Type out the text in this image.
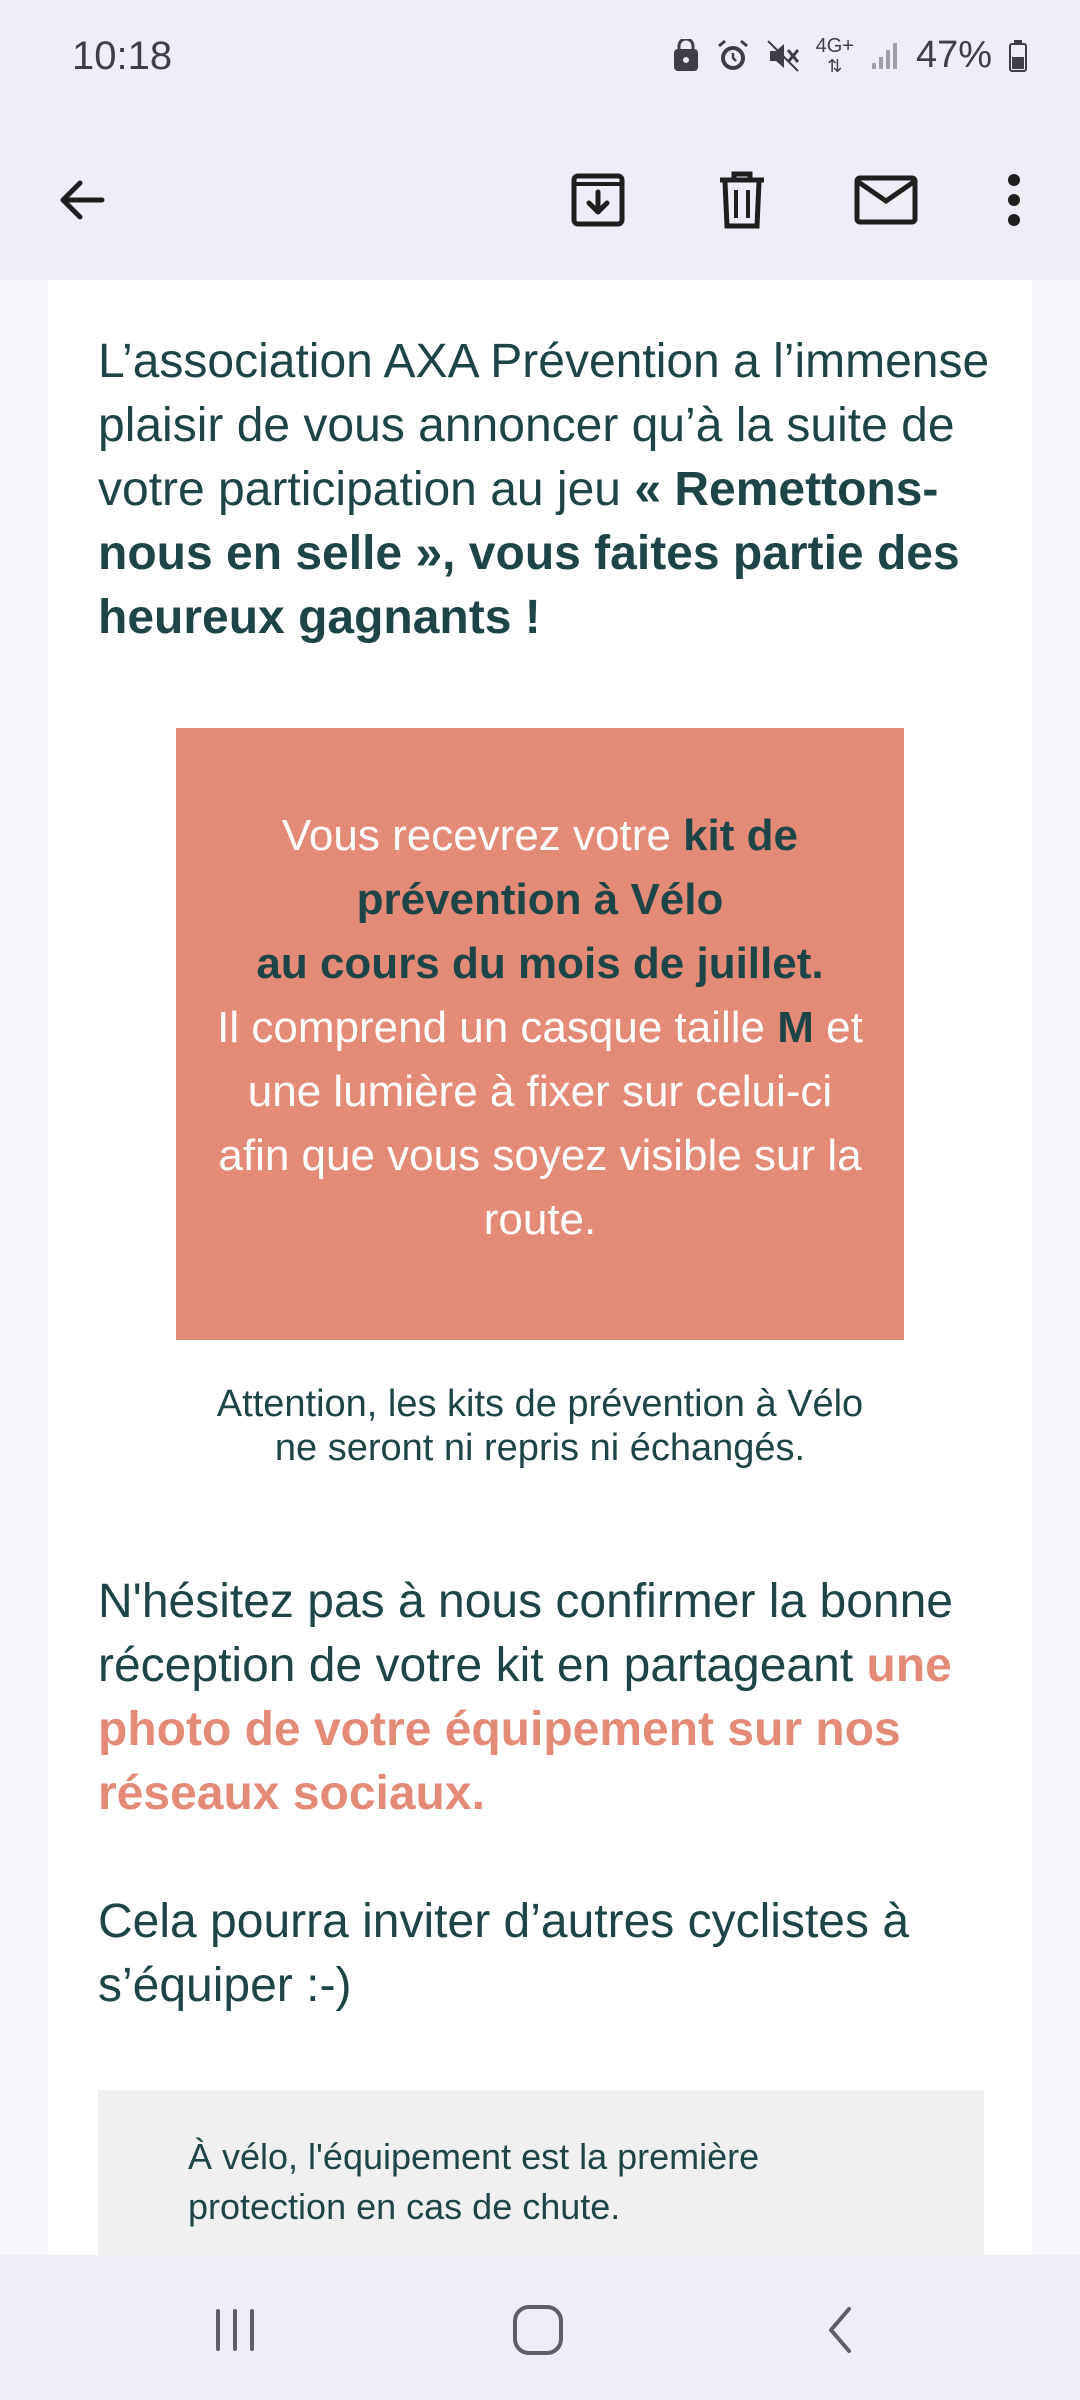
10:18	4G+
⇅ 47%
L’association AXA Prévention a l’immense plaisir de vous annoncer qu’à la suite de votre participation au jeu « Remettons-nous en selle », vous faites partie des heureux gagnants !
Vous recevrez votre kit de prévention à Vélo
au cours du mois de juillet.
Il comprend un casque taille M et une lumière à fixer sur celui-ci afin que vous soyez visible sur la route.
Attention, les kits de prévention à Vélo
ne seront ni repris ni échangés.
N'hésitez pas à nous confirmer la bonne réception de votre kit en partageant une photo de votre équipement sur nos réseaux sociaux.
Cela pourra inviter d’autres cyclistes à s’équiper :-)
À vélo, l'équipement est la première protection en cas de chute.
